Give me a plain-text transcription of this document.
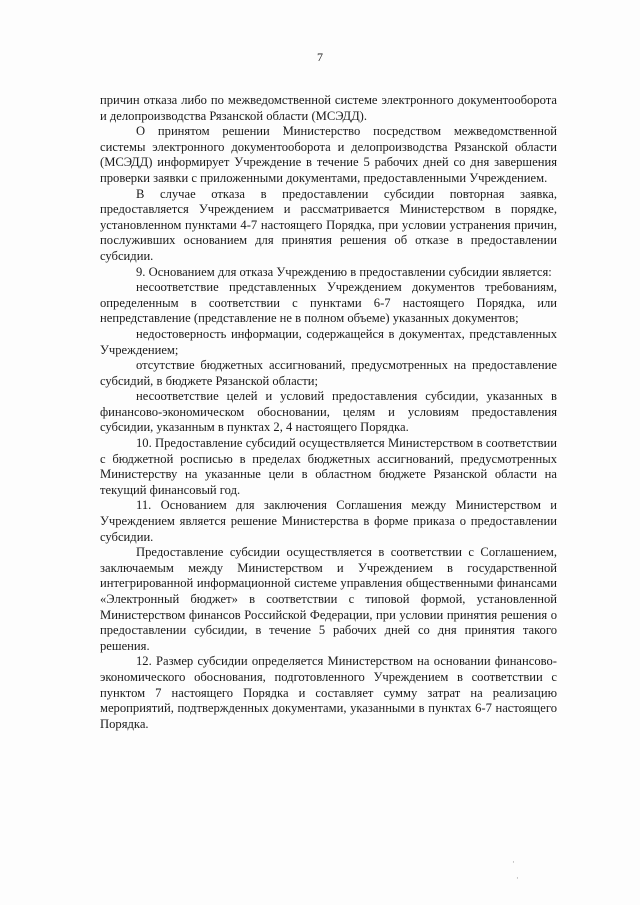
7

причин отказа либо по межведомственной системе электронного документооборота и делопроизводства Рязанской области (МСЭДД).

О принятом решении Министерство посредством межведомственной системы электронного документооборота и делопроизводства Рязанской области (МСЭДД) информирует Учреждение в течение 5 рабочих дней со дня завершения проверки заявки с приложенными документами, предоставленными Учреждением.

В случае отказа в предоставлении субсидии повторная заявка, предоставляется Учреждением и рассматривается Министерством в порядке, установленном пунктами 4-7 настоящего Порядка, при условии устранения причин, послуживших основанием для принятия решения об отказе в предоставлении субсидии.

9. Основанием для отказа Учреждению в предоставлении субсидии является:

несоответствие представленных Учреждением документов требованиям, определенным в соответствии с пунктами 6-7 настоящего Порядка, или непредставление (представление не в полном объеме) указанных документов;

недостоверность информации, содержащейся в документах, представленных Учреждением;

отсутствие бюджетных ассигнований, предусмотренных на предоставление субсидий, в бюджете Рязанской области;

несоответствие целей и условий предоставления субсидии, указанных в финансово-экономическом обосновании, целям и условиям предоставления субсидии, указанным в пунктах 2, 4 настоящего Порядка.

10. Предоставление субсидий осуществляется Министерством в соответствии с бюджетной росписью в пределах бюджетных ассигнований, предусмотренных Министерству на указанные цели в областном бюджете Рязанской области на текущий финансовый год.

11. Основанием для заключения Соглашения между Министерством и Учреждением является решение Министерства в форме приказа о предоставлении субсидии.

Предоставление субсидии осуществляется в соответствии с Соглашением, заключаемым между Министерством и Учреждением в государственной интегрированной информационной системе управления общественными финансами «Электронный бюджет» в соответствии с типовой формой, установленной Министерством финансов Российской Федерации, при условии принятия решения о предоставлении субсидии, в течение 5 рабочих дней со дня принятия такого решения.

12. Размер субсидии определяется Министерством на основании финансово-экономического обоснования, подготовленного Учреждением в соответствии с пунктом 7 настоящего Порядка и составляет сумму затрат на реализацию мероприятий, подтвержденных документами, указанными в пунктах 6-7 настоящего Порядка.

·
·
